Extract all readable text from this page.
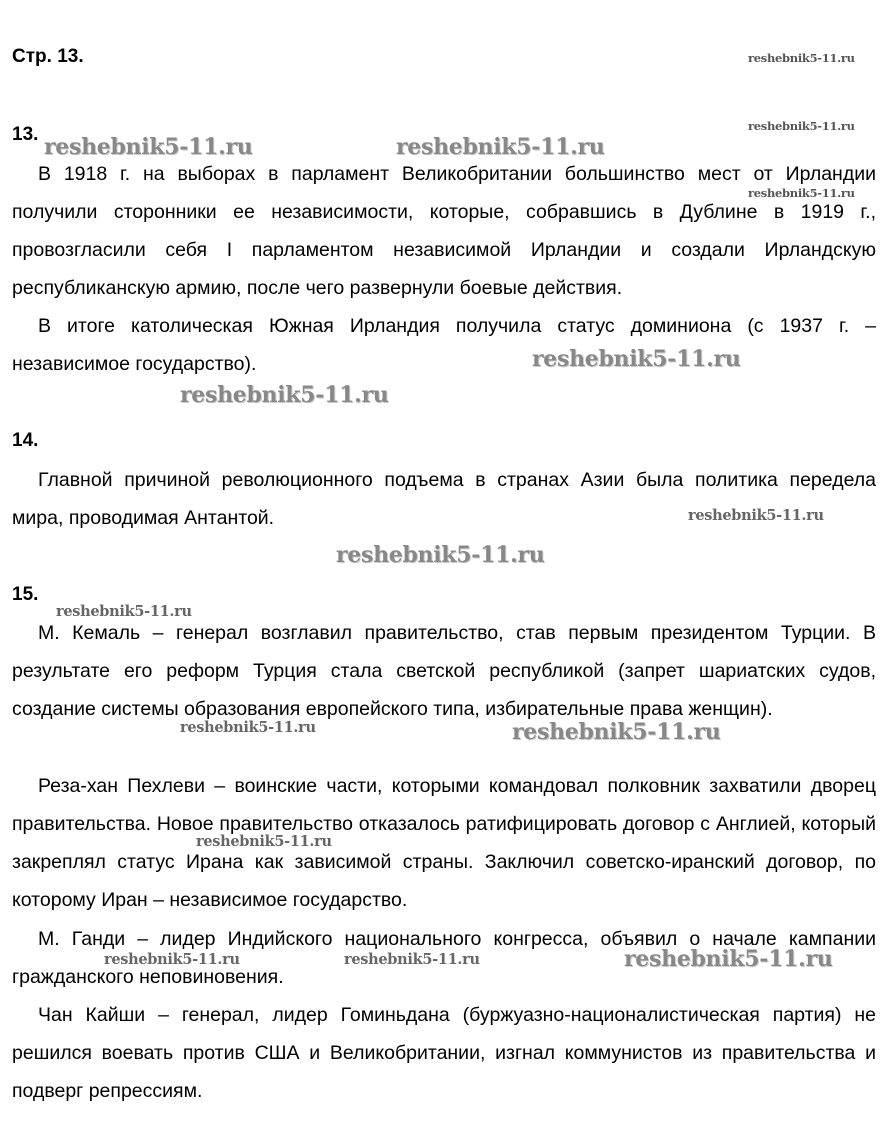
Стр. 13.
13.

В 1918 г. на выборах в парламент Великобритании большинство мест от Ирландии получили сторонники ее независимости, которые, собравшись в Дублине в 1919 г., провозгласили себя I парламентом независимой Ирландии и создали Ирландскую республиканскую армию, после чего развернули боевые действия.

В итоге католическая Южная Ирландия получила статус доминиона (с 1937 г. – независимое государство).

14.

Главной причиной революционного подъема в странах Азии была политика передела мира, проводимая Антантой.

15.

М. Кемаль – генерал возглавил правительство, став первым президентом Турции. В результате его реформ Турция стала светской республикой (запрет шариатских судов, создание системы образования европейского типа, избирательные права женщин).

Реза-хан Пехлеви – воинские части, которыми командовал полковник захватили дворец правительства. Новое правительство отказалось ратифицировать договор с Англией, который закреплял статус Ирана как зависимой страны. Заключил советско-иранский договор, по которому Иран – независимое государство.

М. Ганди – лидер Индийского национального конгресса, объявил о начале кампании гражданского неповиновения.

Чан Кайши – генерал, лидер Гоминьдана (буржуазно-националистическая партия) не решился воевать против США и Великобритании, изгнал коммунистов из правительства и подверг репрессиям.

reshebnik5-11.ru
reshebnik5-11.ru
reshebnik5-11.ru	reshebnik5-11.ru
reshebnik5-11.ru
reshebnik5-11.ru
reshebnik5-11.ru
reshebnik5-11.ru
reshebnik5-11.ru
reshebnik5-11.ru
reshebnik5-11.ru	reshebnik5-11.ru
reshebnik5-11.ru
reshebnik5-11.ru	reshebnik5-11.ru	reshebnik5-11.ru
